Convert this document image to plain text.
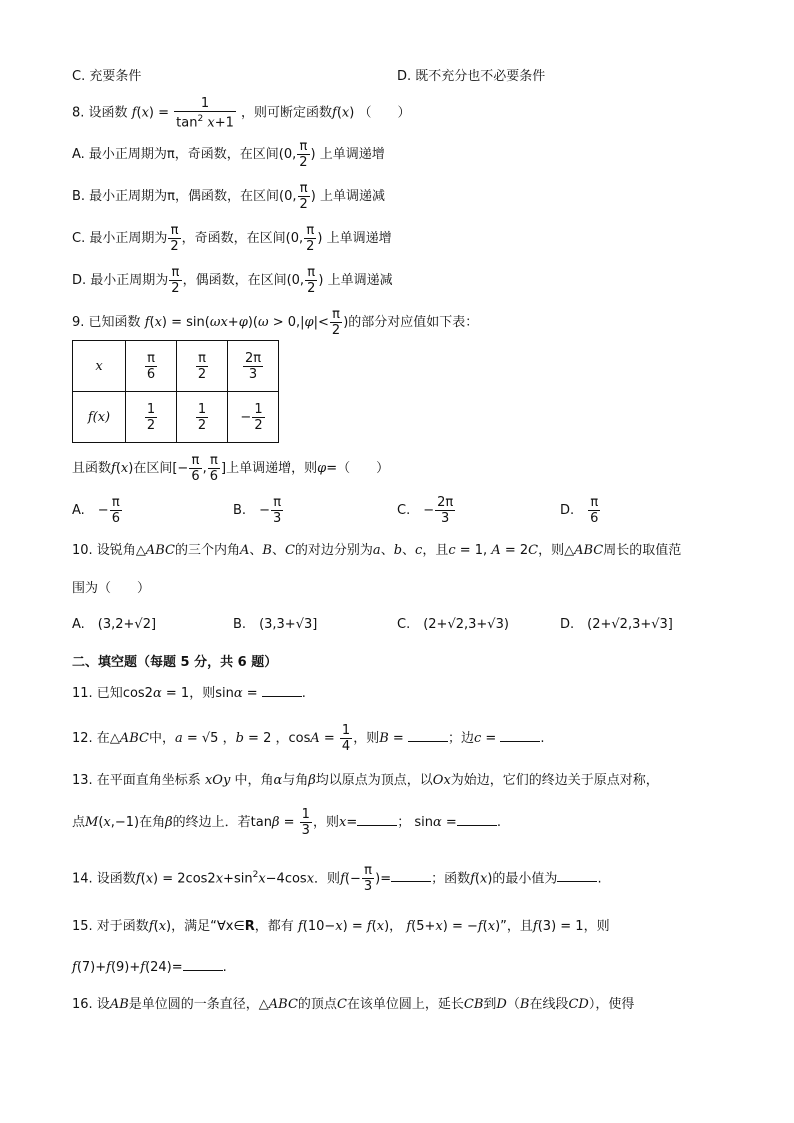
C. 充要条件	D. 既不充分也不必要条件
8. 设函数 $f(x) = \frac{1}{\tan^2 x+1}$ ，则可断定函数f(x) （　　）
A. 最小正周期为π，奇函数，在区间(0, $\frac{\pi}{2}$ ) 上单调递增
B. 最小正周期为π，偶函数，在区间(0, $\frac{\pi}{2}$ ) 上单调递减
C. 最小正周期为 $\frac{\pi}{2}$ ，奇函数，在区间(0, $\frac{\pi}{2}$ ) 上单调递增
D. 最小正周期为 $\frac{\pi}{2}$ ，偶函数，在区间(0, $\frac{\pi}{2}$ ) 上单调递减
9. 已知函数 $f(x) = \sin(\omega x+\varphi)(\omega > 0,|\varphi|< \frac{\pi}{2}$ )的部分对应值如下表：
x	$\frac{\pi}{6}$	$\frac{\pi}{2}$	$\frac{2\pi}{3}$

f(x)	$\frac{1}{2}$	$\frac{1}{2}$	− $\frac{1}{2}$
且函数f(x)在区间[− $\frac{\pi}{6}$ , $\frac{\pi}{6}$ ]上单调递增，则φ=（　　）
A.　− $\frac{\pi}{6}$	B.　− $\frac{\pi}{3}$	C.　− $\frac{2\pi}{3}$	D.　 $\frac{\pi}{6}$
10. 设锐角△ABC的三个内角A、B、C的对边分别为a、b、c，且c = 1, A = 2C，则△ABC周长的取值范
围为（　　）
A.　(3,2+√2]	B.　(3,3+√3]	C.　(2+√2,3+√3)	D.　(2+√2,3+√3]
二、填空题（每题 5 分，共 6 题）
11. 已知cos2α = 1，则sinα =	.
12. 在△ABC中，a = √5 ，b = 2 ，$\cos A = \frac{1}{4}$ ，则B =	；边c =	.
13. 在平面直角坐标系 xOy 中，角α与角β均以原点为顶点，以Ox为始边，它们的终边关于原点对称，
点M(x,−1)在角β的终边上．若$\tan\beta = \frac{1}{3}$ ，则x=	； sinα =	.
14. 设函数$f(x) = 2\cos 2x+\sin^2x-4\cos x$．则$f(- \frac{\pi}{3}$ )=	；函数f(x)的最小值为	.
15. 对于函数f(x)，满足“∀x∈R，都有 f(10−x) = f(x)， f(5+x) = −f(x)”，且f(3) = 1，则
f(7)+f(9)+f(24)=	.
16. 设AB是单位圆的一条直径，△ABC的顶点C在该单位圆上，延长CB到D（B在线段CD），使得
